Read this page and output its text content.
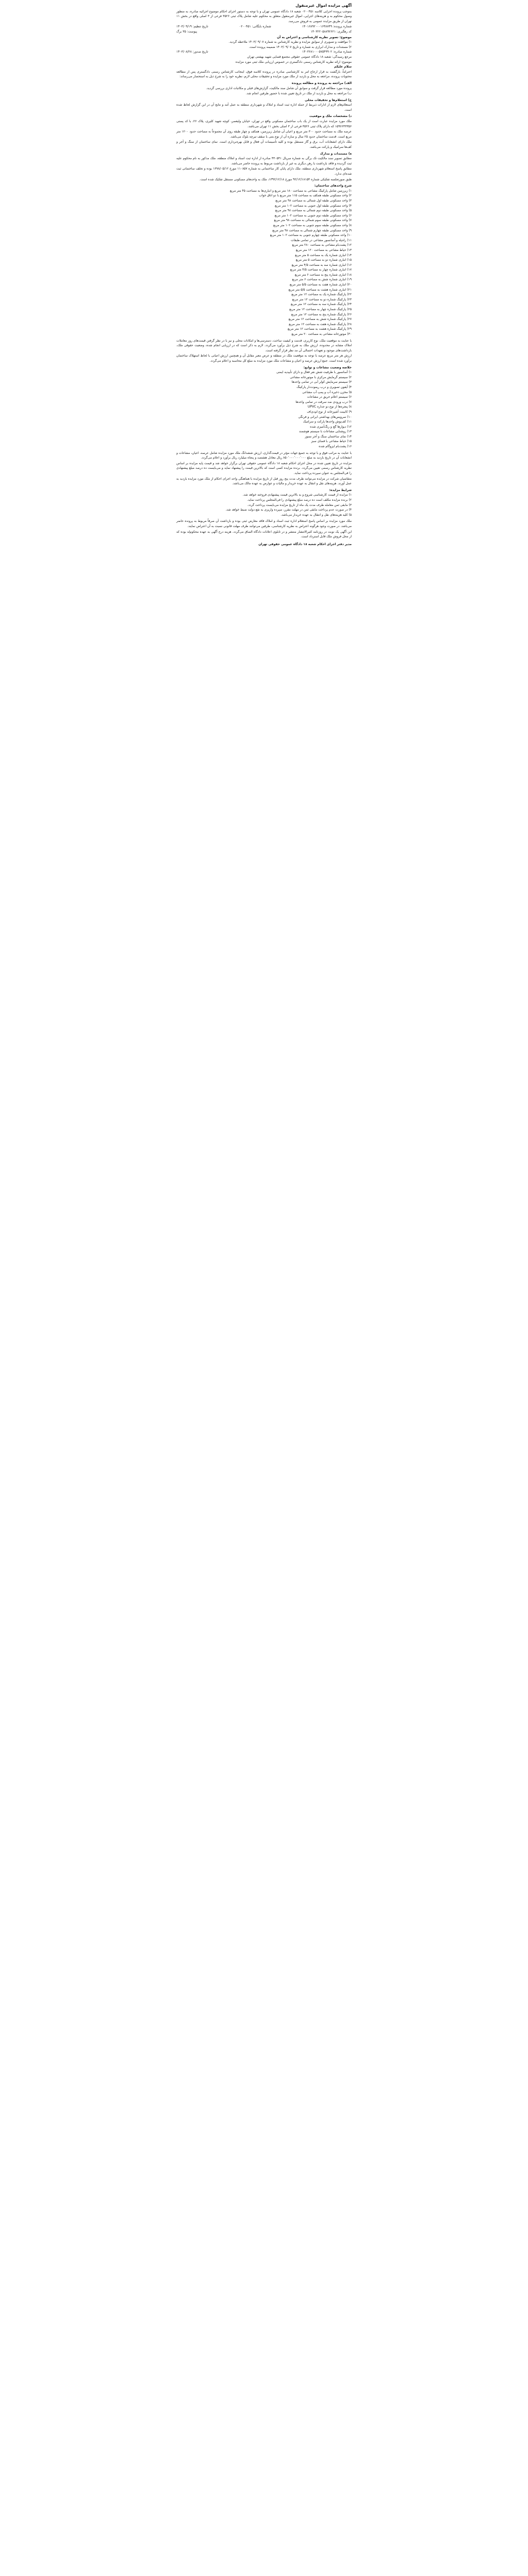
آگهی مزایده اموال غیرمنقول

بموجب پرونده اجرایی کلاسه ۰۲۰۰۴۵۱ شعبه ۱۸ دادگاه عمومی تهران و با توجه به دستور اجرای احکام موضوع اجرائیه صادره، به منظور وصول محکوم به و هزینه‌های اجرایی، اموال غیرمنقول متعلق به محکوم علیه شامل پلاک ثبتی ۳۵۲۶ فرعی از ۳ اصلی واقع در بخش ۱۱ تهران از طریق مزایده عمومی به فروش می‌رسد.

شماره پرونده: ۱۴۰۱۶۸۹۲۰۰۰۱۶۴۸۷۴۹
شماره بایگانی: ۰۲۰۰۴۵۱
تاریخ تنظیم: ۱۴۰۳/۰۹/۱۹
کد رهگیری: ۱۴۰۳۲۲۰۵۸۸۹۲۶۲۱
پیوست: ۳۵ برگ

موضوع: تصویر نظریه کارشناسی و اعتراض به آن

۱) موافقت و تصویری از سوابق مزایده و نظریه کارشناس به شماره ۱۴۰۳/۰۹/۰۷ ملاحظه گردید.

۲) مستندات و مدارک ابرازی به شماره و تاریخ ۱۴۰۳/۰۹/۰۷ ضمیمه پرونده است.

شماره صادره: ۱۴۰۳۶۸۱۰۰۰۵۷۵۴۹۹۰۲
تاریخ صدور: ۱۴۰۳/۰۸/۲۸

مرجع رسیدگی: شعبه ۱۸ دادگاه عمومی حقوقی مجتمع قضایی شهید بهشتی تهران

موضوع: ارائه نظریه کارشناس رسمی دادگستری در خصوص ارزیابی ملک ثبتی مورد مزایده

سلام علیکم

احتراماً، بازگشت به قرار ارجاع امر به کارشناسی صادره در پرونده کلاسه فوق، اینجانب کارشناس رسمی دادگستری پس از مطالعه محتویات پرونده، مراجعه به محل و بازدید از ملک مورد مزایده و تحقیقات محلی لازم، نظریه خود را به شرح ذیل به استحضار می‌رساند:

الف) مراجعه به پرونده و مطالعه پرونده

پرونده مورد مطالعه قرار گرفت و سوابق آن شامل سند مالکیت، گزارش‌های قبلی و مکاتبات اداری بررسی گردید.

ب) مراجعه به محل و بازدید از ملک در تاریخ تعیین شده با حضور طرفین انجام شد.

ج) استعلام‌ها و تحقیقات محلی

استعلام‌های لازم از ادارات ذیربط از جمله اداره ثبت اسناد و املاک و شهرداری منطقه به عمل آمد و نتایج آن در این گزارش لحاظ شده است.

د) مشخصات ملک و موقعیت

ملک مورد مزایده عبارت است از یک باب ساختمان مسکونی واقع در تهران، خیابان ولیعصر، کوچه شهید کلیری، پلاک ۲۶، با کد پستی ۱۵۹۶۶۴۳۳۵۶ که دارای پلاک ثبتی ۳۵۲۶ فرعی از ۳ اصلی بخش ۱۱ تهران می‌باشد.

عرصه ملک به مساحت حدود ۳۰۰ متر مربع و اعیان آن شامل زیرزمین، همکف و چهار طبقه روی آن مجموعاً به مساحت حدود ۱۲۰۰ متر مربع است. قدمت ساختمان حدود ۲۵ سال و سازه آن از نوع بتنی با سقف تیرچه بلوک می‌باشد.

ملک دارای انشعابات آب، برق و گاز مستقل بوده و کلیه تأسیسات آن فعال و قابل بهره‌برداری است. نمای ساختمان از سنگ و آجر و کف‌ها سرامیک و پارکت می‌باشد.

ه) مستندات و مدارک

مطابق تصویر سند مالکیت تک برگی به شماره سریال ۴۳۰۵۴۱ صادره از اداره ثبت اسناد و املاک منطقه، ملک مذکور به نام محکوم علیه ثبت گردیده و فاقد بازداشت یا رهن دیگری به غیر از بازداشت مربوط به پرونده حاضر می‌باشد.

مطابق پاسخ استعلام شهرداری منطقه، ملک دارای پایان کار ساختمانی به شماره ۱۱۰۸۵۷ مورخ ۱۳۷۸/۰۵/۱۲ بوده و تخلف ساختمانی ثبت شده‌ای ندارد.

طبق صورتجلسه تفکیکی شماره ۹۲/۱۲/۱۸۱۵۴ مورخ ۱۳۹۲/۱۲/۱۸، ملک به واحدهای مسکونی مستقل تفکیک شده است.

شرح واحدهای ساختمان:

۱) زیرزمین شامل پارکینگ مشاعی به مساحت ۱۸۰ متر مربع و انباری‌ها به مساحت ۴۵ متر مربع

۲) واحد مسکونی طبقه همکف به مساحت ۱۱۵ متر مربع با دو اتاق خواب

۳) واحد مسکونی طبقه اول شمالی به مساحت ۹۸ متر مربع

۴) واحد مسکونی طبقه اول جنوبی به مساحت ۱۰۲ متر مربع

۵) واحد مسکونی طبقه دوم شمالی به مساحت ۹۸ متر مربع

۶) واحد مسکونی طبقه دوم جنوبی به مساحت ۱۰۲ متر مربع

۷) واحد مسکونی طبقه سوم شمالی به مساحت ۹۸ متر مربع

۸) واحد مسکونی طبقه سوم جنوبی به مساحت ۱۰۲ متر مربع

۹) واحد مسکونی طبقه چهارم شمالی به مساحت ۹۸ متر مربع

۱۰) واحد مسکونی طبقه چهارم جنوبی به مساحت ۱۰۲ متر مربع

۱۱) راه‌پله و آسانسور مشاعی در تمامی طبقات

۱۲) پشت‌بام مشاعی به مساحت ۲۸۰ متر مربع

۱۳) حیاط مشاعی به مساحت ۱۲۰ متر مربع

۱۴) انباری شماره یک به مساحت ۵ متر مربع

۱۵) انباری شماره دو به مساحت ۵ متر مربع

۱۶) انباری شماره سه به مساحت ۴/۵ متر مربع

۱۷) انباری شماره چهار به مساحت ۴/۵ متر مربع

۱۸) انباری شماره پنج به مساحت ۶ متر مربع

۱۹) انباری شماره شش به مساحت ۶ متر مربع

۲۰) انباری شماره هفت به مساحت ۵/۵ متر مربع

۲۱) انباری شماره هشت به مساحت ۵/۵ متر مربع

۲۲) پارکینگ شماره یک به مساحت ۱۲ متر مربع

۲۳) پارکینگ شماره دو به مساحت ۱۲ متر مربع

۲۴) پارکینگ شماره سه به مساحت ۱۲ متر مربع

۲۵) پارکینگ شماره چهار به مساحت ۱۲ متر مربع

۲۶) پارکینگ شماره پنج به مساحت ۱۲ متر مربع

۲۷) پارکینگ شماره شش به مساحت ۱۲ متر مربع

۲۸) پارکینگ شماره هفت به مساحت ۱۲ متر مربع

۲۹) پارکینگ شماره هشت به مساحت ۱۲ متر مربع

۳۰) موتورخانه مشاعی به مساحت ۲۰ متر مربع

با عنایت به موقعیت ملک، نوع کاربری، قدمت و کیفیت ساخت، دسترسی‌ها و امکانات محلی و نیز با در نظر گرفتن قیمت‌های روز معاملات املاک مشابه در محدوده، ارزش ملک به شرح ذیل برآورد می‌گردد. لازم به ذکر است که در ارزیابی انجام شده، وضعیت حقوقی ملک، بازداشت‌های موجود و تعهدات احتمالی آن مد نظر قرار گرفته است.

ارزش هر متر مربع عرصه با توجه به موقعیت ملک در منطقه و عرض معبر مقابل آن و همچنین ارزش اعیانی با لحاظ استهلاک ساختمان برآورد شده است. جمع ارزش عرصه و اعیان و مشاعات ملک مورد مزایده به مبلغ کل محاسبه و اعلام می‌گردد.

خلاصه وضعیت مشاعات و توابع:

۱) آسانسور با ظرفیت شش نفر فعال و دارای تأییدیه ایمنی

۲) سیستم گرمایش مرکزی با موتورخانه مشاعی

۳) سیستم سرمایش کولر آبی در تمامی واحدها

۴) آیفون تصویری و درب ریموت‌دار پارکینگ

۵) مخزن ذخیره آب و پمپ آب مشاعی

۶) سیستم اعلام حریق در مشاعات

۷) درب ورودی ضد سرقت در تمامی واحدها

۸) پنجره‌ها از نوع دو جداره UPVC

۹) کابینت آشپزخانه از نوع ام‌دی‌اف

۱۰) سرویس‌های بهداشتی ایرانی و فرنگی

۱۱) کف‌پوش واحدها پارکت و سرامیک

۱۲) دیوارها گچ و رنگ‌آمیزی شده

۱۳) روشنایی مشاعات با سیستم هوشمند

۱۴) نمای ساختمان سنگ و آجر نسوز

۱۵) حیاط مشاعی با فضای سبز

۱۶) پشت‌بام ایزوگام شده

با عنایت به مراتب فوق و با توجه به جمیع جهات مؤثر در قیمت‌گذاری، ارزش ششدانگ ملک مورد مزایده شامل عرصه، اعیان، مشاعات و انشعابات آن در تاریخ بازدید به مبلغ ۸۵۰٬۰۰۰٬۰۰۰٬۰۰۰ ریال معادل هشتصد و پنجاه میلیارد ریال برآورد و اعلام می‌گردد.

مزایده در تاریخ تعیین شده در محل اجرای احکام شعبه ۱۸ دادگاه عمومی حقوقی تهران برگزار خواهد شد و قیمت پایه مزایده بر اساس نظریه کارشناس رسمی تعیین می‌گردد. برنده مزایده کسی است که بالاترین قیمت را پیشنهاد نماید و می‌بایست ده درصد مبلغ پیشنهادی را فی‌المجلس به عنوان سپرده پرداخت نماید.

متقاضیان شرکت در مزایده می‌توانند ظرف مدت پنج روز قبل از تاریخ مزایده با هماهنگی واحد اجرای احکام از ملک مورد مزایده بازدید به عمل آورند. هزینه‌های نقل و انتقال به عهده خریدار و مالیات و عوارض به عهده مالک می‌باشد.

شرایط مزایده:

۱) مزایده از قیمت کارشناسی شروع و به بالاترین قیمت پیشنهادی فروخته خواهد شد.

۲) برنده مزایده مکلف است ده درصد مبلغ پیشنهادی را فی‌المجلس پرداخت نماید.

۳) مابقی ثمن معامله ظرف مدت یک ماه از تاریخ مزایده می‌بایست پرداخت گردد.

۴) در صورت عدم پرداخت مابقی ثمن در مهلت مقرر، سپرده واریزی به نفع دولت ضبط خواهد شد.

۵) کلیه هزینه‌های نقل و انتقال به عهده خریدار می‌باشد.

ملک مورد مزایده بر اساس پاسخ استعلام اداره ثبت اسناد و املاک فاقد معارض ثبتی بوده و بازداشت آن صرفاً مربوط به پرونده حاضر می‌باشد. در صورت وجود هرگونه اعتراض به نظریه کارشناسی، طرفین می‌توانند ظرف مهلت قانونی نسبت به آن اعتراض نمایند.

این آگهی یک نوبت در روزنامه کثیرالانتشار منتشر و در تابلوی اعلانات دادگاه الصاق می‌گردد. هزینه درج آگهی به عهده محکوم‌له بوده که از محل فروش ملک قابل استرداد است.

مدیر دفتر اجرای احکام شعبه ۱۸ دادگاه عمومی حقوقی تهران
